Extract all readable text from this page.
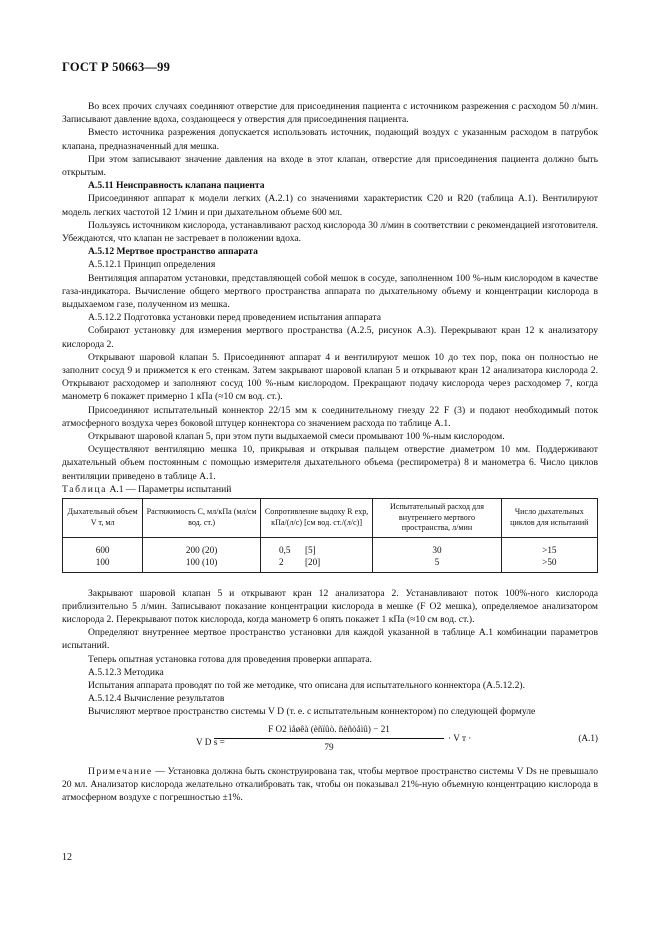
ГОСТ Р 50663—99

Во всех прочих случаях соединяют отверстие для присоединения пациента с источником разрежения с расходом 50 л/мин. Записывают давление вдоха, создающееся у отверстия для присоединения пациента.

Вместо источника разрежения допускается использовать источник, подающий воздух с указанным расходом в патрубок клапана, предназначенный для мешка.

При этом записывают значение давления на входе в этот клапан, отверстие для присоединения пациента должно быть открытым.

А.5.11 Неисправность клапана пациента

Присоединяют аппарат к модели легких (А.2.1) со значениями характеристик С20 и R20 (таблица А.1). Вентилируют модель легких частотой 12 1/мин и при дыхательном объеме 600 мл.

Пользуясь источником кислорода, устанавливают расход кислорода 30 л/мин в соответствии с рекомендацией изготовителя. Убеждаются, что клапан не застревает в положении вдоха.

А.5.12 Мертвое пространство аппарата

А.5.12.1 Принцип определения

Вентиляция аппаратом установки, представляющей собой мешок в сосуде, заполненном 100 %-ным кислородом в качестве газа-индикатора. Вычисление общего мертвого пространства аппарата по дыхательному объему и концентрации кислорода в выдыхаемом газе, полученном из мешка.

А.5.12.2 Подготовка установки перед проведением испытания аппарата

Собирают установку для измерения мертвого пространства (А.2.5, рисунок А.3). Перекрывают кран 12 к анализатору кислорода 2.

Открывают шаровой клапан 5. Присоединяют аппарат 4 и вентилируют мешок 10 до тех пор, пока он полностью не заполнит сосуд 9 и прижмется к его стенкам. Затем закрывают шаровой клапан 5 и открывают кран 12 анализатора кислорода 2. Открывают расходомер и заполняют сосуд 100 %-ным кислородом. Прекращают подачу кислорода через расходомер 7, когда манометр 6 покажет примерно 1 кПа (≈10 см вод. ст.).

Присоединяют испытательный коннектор 22/15 мм к соединительному гнезду 22 F (3) и подают необходимый поток атмосферного воздуха через боковой штуцер коннектора со значением расхода по таблице А.1.

Открывают шаровой клапан 5, при этом пути выдыхаемой смеси промывают 100 %-ным кислородом.

Осуществляют вентиляцию мешка 10, прикрывая и открывая пальцем отверстие диаметром 10 мм. Поддерживают дыхательный объем постоянным с помощью измерителя дыхательного объема (респирометра) 8 и манометра 6. Число циклов вентиляции приведено в таблице А.1.

Таблица А.1 — Параметры испытаний

Дыхательный объем V т, мл	Растяжимость С, мл/кПа (мл/см вод. ст.)	Сопротивление выдоху R exp, кПа/(л/с) [см вод. ст./(л/с)]	Испытательный расход для внутреннего мертвого пространства, л/мин	Число дыхательных циклов для испытаний

600	200 (20)	0,5 [5]	30	>15
100	100 (10)	2 [20]	5	>50

Закрывают шаровой клапан 5 и открывают кран 12 анализатора 2. Устанавливают поток 100%-ного кислорода приблизительно 5 л/мин. Записывают показание концентрации кислорода в мешке (F O2 мешка), определяемое анализатором кислорода 2. Перекрывают поток кислорода, когда манометр 6 опять покажет 1 кПа (≈10 см вод. ст.).

Определяют внутреннее мертвое пространство установки для каждой указанной в таблице А.1 комбинации параметров испытаний.

Теперь опытная установка готова для проведения проверки аппарата.

А.5.12.3 Методика

Испытания аппарата проводят по той же методике, что описана для испытательного коннектора (А.5.12.2).

А.5.12.4 Вычисление результатов

Вычисляют мертвое пространство системы V D (т. е. с испытательным коннектором) по следующей формуле

V D s =
F O2 ìåøêà (èñïûò. ñèñòåìû) − 21
79
· V т ·	(А.1)

Примечание — Установка должна быть сконструирована так, чтобы мертвое пространство системы V Ds не превышало 20 мл. Анализатор кислорода желательно откалибровать так, чтобы он показывал 21%-ную объемную концентрацию кислорода в атмосферном воздухе с погрешностью ±1%.

12
